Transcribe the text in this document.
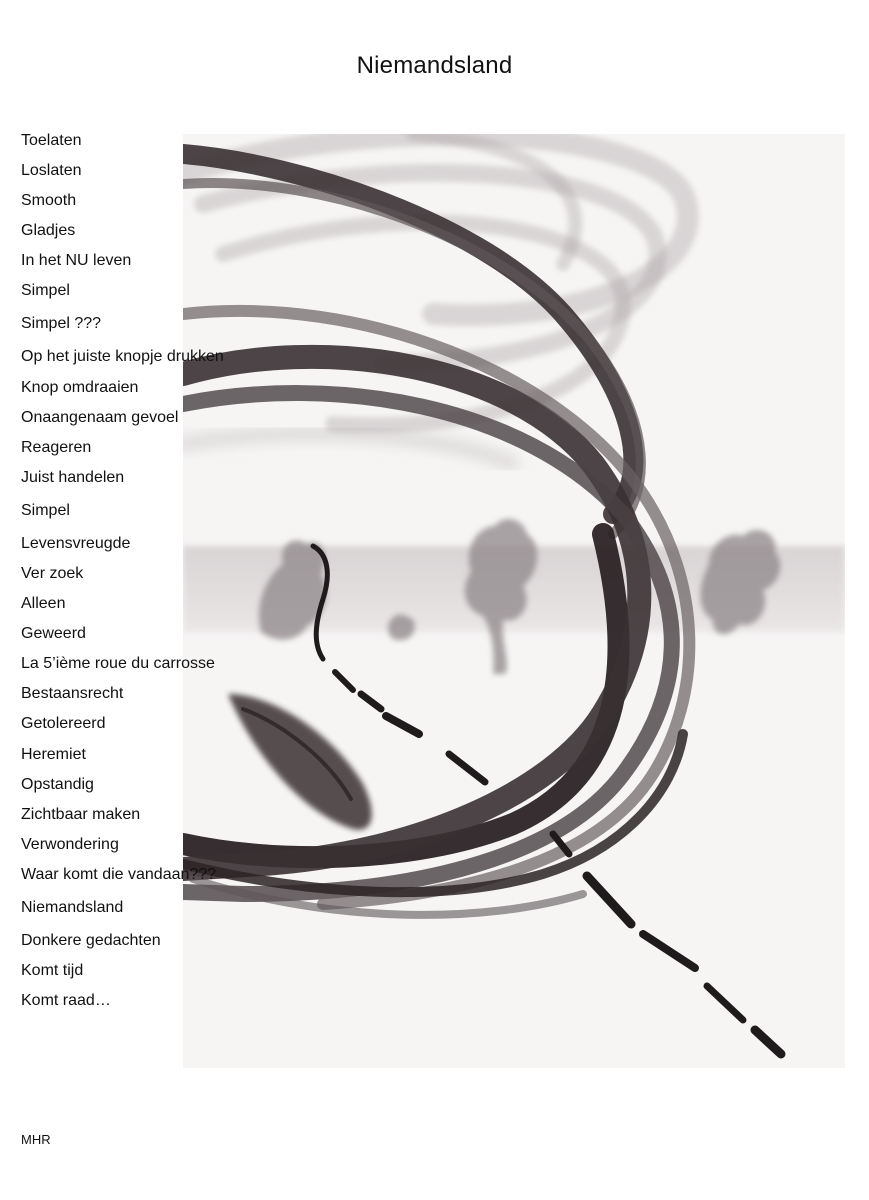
Niemandsland
Toelaten
Loslaten
Smooth
Gladjes
In het NU leven
Simpel
Simpel ???
Op het juiste knopje drukken
Knop omdraaien
Onaangenaam gevoel
Reageren
Juist handelen
Simpel
Levensvreugde
Ver zoek
Alleen
Geweerd
La 5’ième roue du carrosse
Bestaansrecht
Getolereerd
Heremiet
Opstandig
Zichtbaar maken
Verwondering
Waar komt die vandaan???
Niemandsland
Donkere gedachten
Komt tijd
Komt raad…
MHR
